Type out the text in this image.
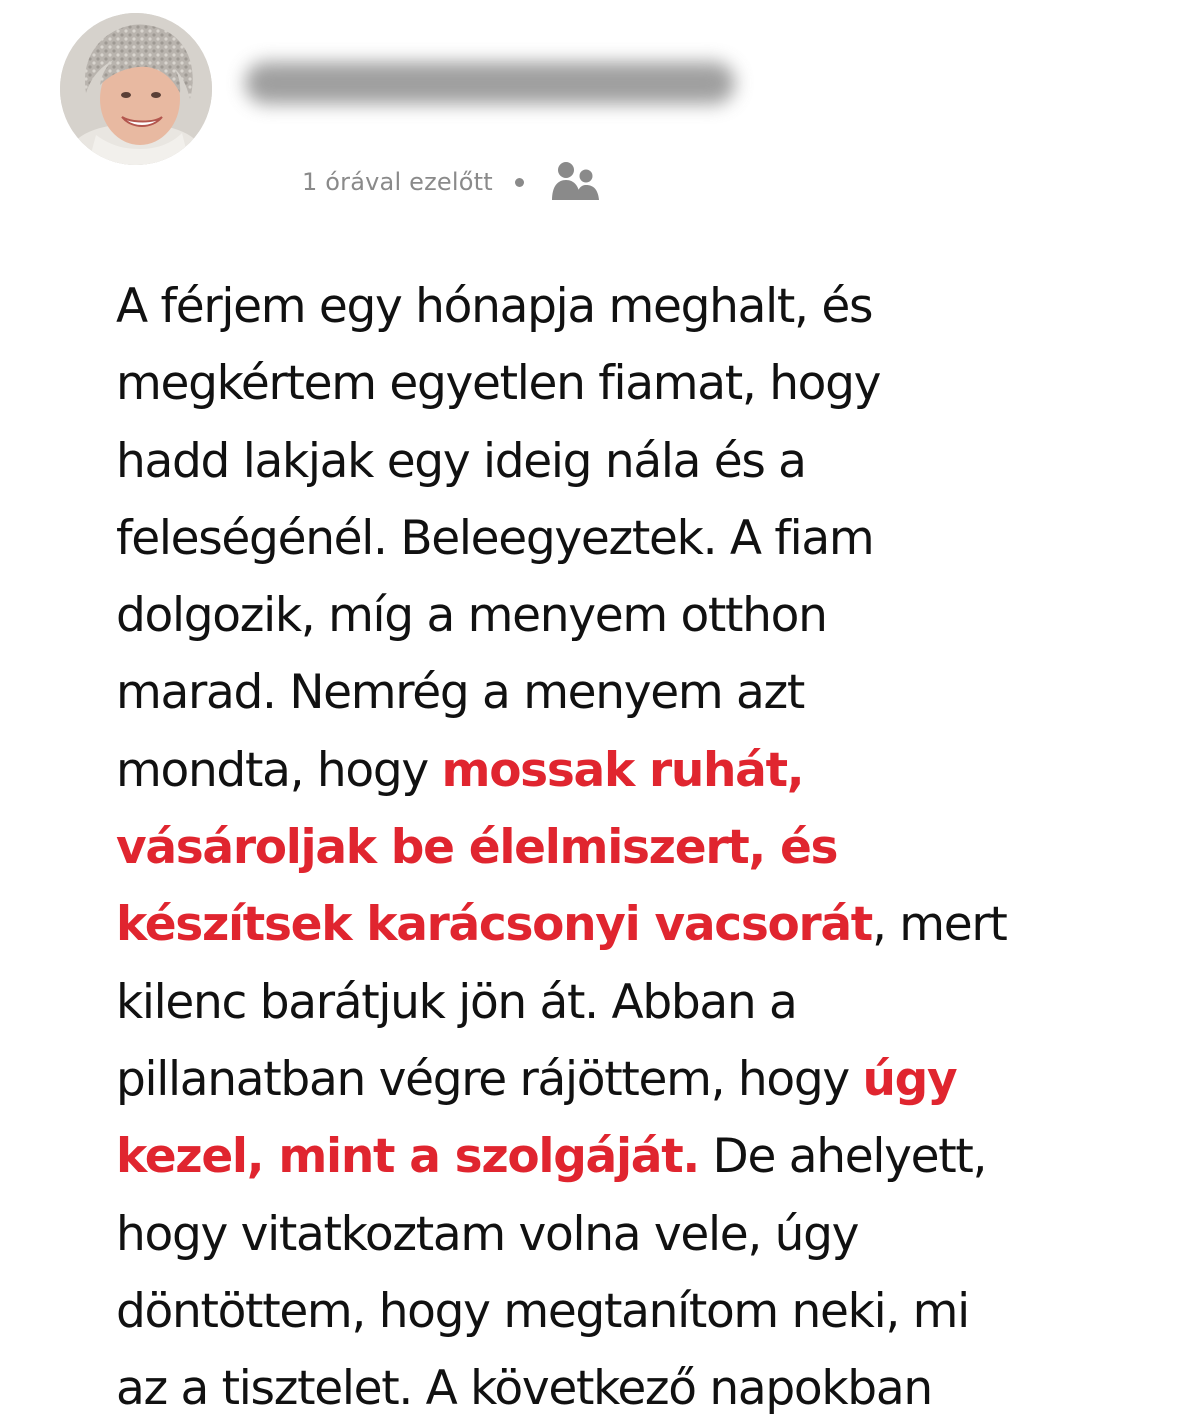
1 órával ezelőtt
A férjem egy hónapja meghalt, és
megkértem egyetlen fiamat, hogy
hadd lakjak egy ideig nála és a
feleségénél. Beleegyeztek. A fiam
dolgozik, míg a menyem otthon
marad. Nemrég a menyem azt
mondta, hogy mossak ruhát,
vásároljak be élelmiszert, és
készítsek karácsonyi vacsorát, mert
kilenc barátjuk jön át. Abban a
pillanatban végre rájöttem, hogy úgy
kezel, mint a szolgáját. De ahelyett,
hogy vitatkoztam volna vele, úgy
döntöttem, hogy megtanítom neki, mi
az a tisztelet. A következő napokban
